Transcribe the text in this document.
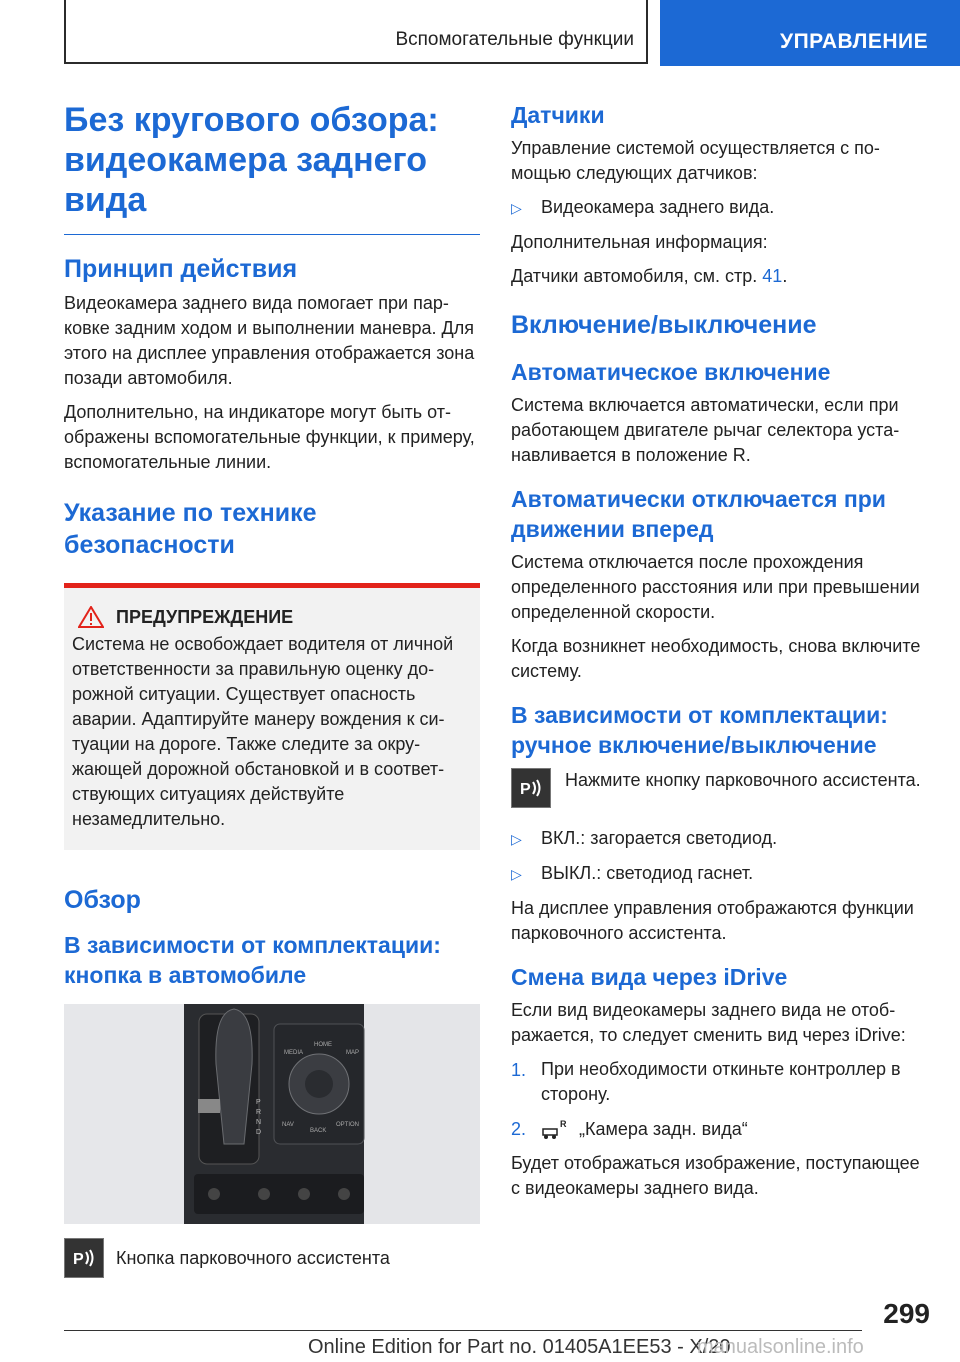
Вспомогательные функции	УПРАВЛЕНИЕ
Без кругового обзора: видеокамера заднего вида
Принцип действия

Видеокамера заднего вида помогает при парковке задним ходом и выполнении маневра. Для этого на дисплее управления отображается зона позади автомобиля.

Дополнительно, на индикаторе могут быть отображены вспомогательные функции, к примеру, вспомогательные линии.

Указание по технике безопасности
ПРЕДУПРЕЖДЕНИЕ

Система не освобождает водителя от личной ответственности за правильную оценку дорожной ситуации. Существует опасность аварии. Адаптируйте манеру вождения к ситуации на дороге. Также следите за окружающей дорожной обстановкой и в соответствующих ситуациях действуйте незамедлительно.

Обзор
В зависимости от комплектации: кнопка в автомобиле
MEDIA
HOME
MAP
NAV
BACK
OPTION
P
R
N
D
P Кнопка парковочного ассистента
Датчики

Управление системой осуществляется с помощью следующих датчиков:

▷	Видеокамера заднего вида.

Дополнительная информация:

Датчики автомобиля, см. стр. 41.

Включение/выключение
Автоматическое включение

Система включается автоматически, если при работающем двигателе рычаг селектора устанавливается в положение R.

Автоматически отключается при движении вперед

Система отключается после прохождения определенного расстояния или при превышении определенной скорости.

Когда возникнет необходимость, снова включите систему.

В зависимости от комплектации: ручное включение/выключение
P Нажмите кнопку парковочного ассистента.

▷	ВКЛ.: загорается светодиод.
▷	ВЫКЛ.: светодиод гаснет.

На дисплее управления отображаются функции парковочного ассистента.

Смена вида через iDrive

Если вид видеокамеры заднего вида не отображается, то следует сменить вид через iDrive:

1. При необходимости откиньте контроллер в сторону.
2.	R „Камера задн. вида“

Будет отображаться изображение, поступающее с видеокамеры заднего вида.

299
Online Edition for Part no. 01405A1EE53 - X/20
manualsonline.info
